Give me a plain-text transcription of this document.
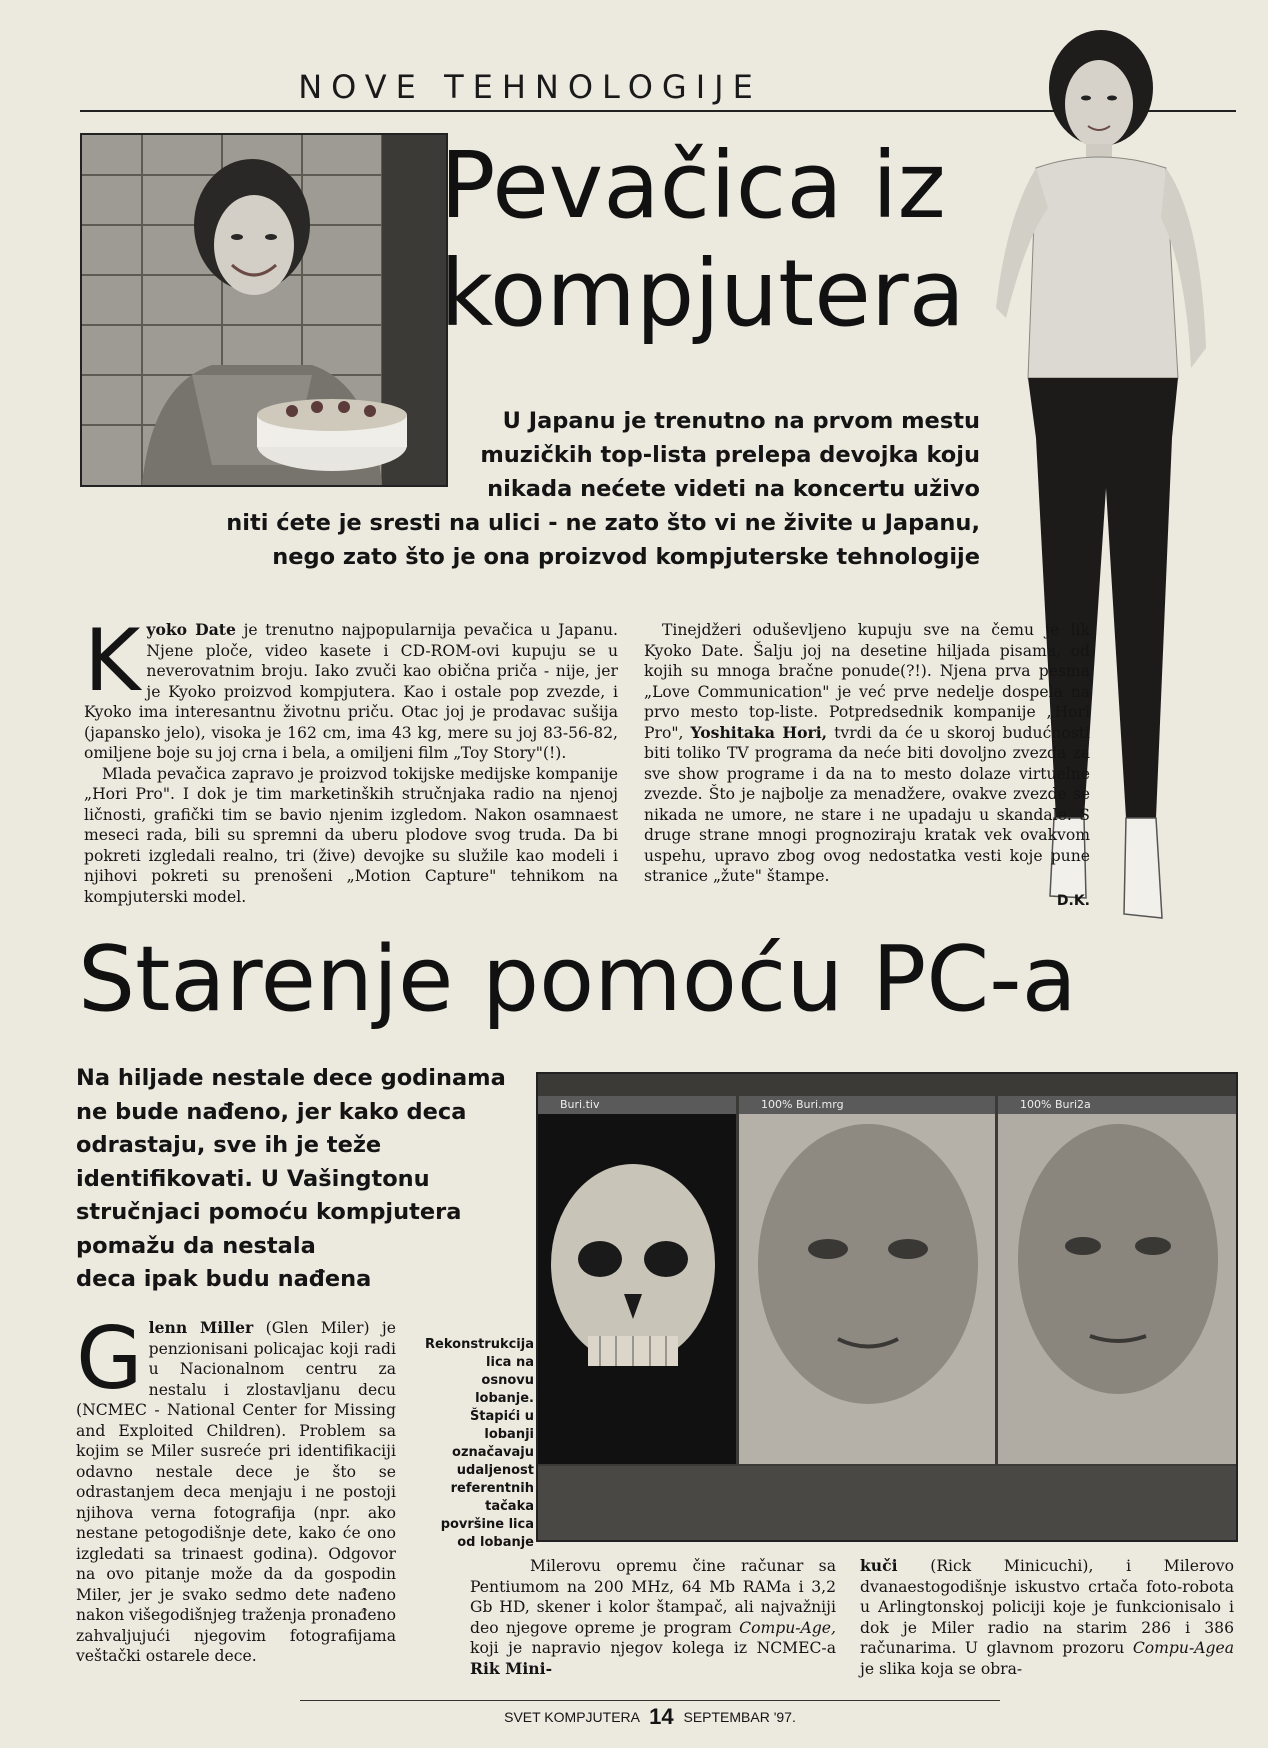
NOVE TEHNOLOGIJE
Pevačica iz kompjutera
U Japanu je trenutno na prvom mestu
muzičkih top-lista prelepa devojka koju
nikada nećete videti na koncertu uživo
niti ćete je sresti na ulici - ne zato što vi ne živite u Japanu,
nego zato što je ona proizvod kompjuterske tehnologije

Kyoko Date je trenutno najpopularnija pevačica u Japanu. Njene ploče, video kasete i CD-ROM-ovi kupuju se u neverovatnim broju. Iako zvuči kao obična priča - nije, jer je Kyoko proizvod kompjutera. Kao i ostale pop zvezde, i Kyoko ima interesantnu životnu priču. Otac joj je prodavac sušija (japansko jelo), visoka je 162 cm, ima 43 kg, mere su joj 83-56-82, omiljene boje su joj crna i bela, a omiljeni film „Toy Story"(!).

Mlada pevačica zapravo je proizvod tokijske medijske kompanije „Hori Pro". I dok je tim marketinških stručnjaka radio na njenoj ličnosti, grafički tim se bavio njenim izgledom. Nakon osamnaest meseci rada, bili su spremni da uberu plodove svog truda. Da bi pokreti izgledali realno, tri (žive) devojke su služile kao modeli i njihovi pokreti su prenošeni „Motion Capture" tehnikom na kompjuterski model.

Tinejdžeri oduševljeno kupuju sve na čemu je lik Kyoko Date. Šalju joj na desetine hiljada pisama, od kojih su mnoga bračne ponude(?!). Njena prva pesma „Love Communication" je već prve nedelje dospela na prvo mesto top-liste. Potpredsednik kompanije „Hori Pro", Yoshitaka Hori, tvrdi da će u skoroj budućnosti biti toliko TV programa da neće biti dovoljno zvezda za sve show programe i da na to mesto dolaze virtuelne zvezde. Što je najbolje za menadžere, ovakve zvezde se nikada ne umore, ne stare i ne upadaju u skandale. S druge strane mnogi prognoziraju kratak vek ovakvom uspehu, upravo zbog ovog nedostatka vesti koje pune stranice „žute" štampe.

D.K.
Starenje pomoću PC-a
Na hiljade nestale dece godinama
ne bude nađeno, jer kako deca
odrastaju, sve ih je teže
identifikovati. U Vašingtonu
stručnjaci pomoću kompjutera
pomažu da nestala
deca ipak budu nađena
Buri.tiv	100% Buri.mrg	100% Buri2a

Glenn Miller (Glen Miler) je penzionisani policajac koji radi u Nacionalnom centru za nestalu i zlostavljanu decu (NCMEC - National Center for Missing and Exploited Children). Problem sa kojim se Miler susreće pri identifikaciji odavno nestale dece je što se odrastanjem deca menjaju i ne postoji njihova verna fotografija (npr. ako nestane petogodišnje dete, kako će ono izgledati sa trinaest godina). Odgovor na ovo pitanje može da da gospodin Miler, jer je svako sedmo dete nađeno nakon višegodišnjeg traženja pronađeno zahvaljujući njegovim fotografijama veštački ostarele dece.

Rekonstrukcija
lica na
osnovu
lobanje.
Štapići u
lobanji
označavaju
udaljenost
referentnih
tačaka
površine lica
od lobanje

Milerovu opremu čine računar sa Pentiumom na 200 MHz, 64 Mb RAMa i 3,2 Gb HD, skener i kolor štampač, ali najvažniji deo njegove opreme je program Compu-Age, koji je napravio njegov kolega iz NCMEC-a Rik Mini-

kuči (Rick Minicuchi), i Milerovo dvanaestogodišnje iskustvo crtača foto-robota u Arlingtonskoj policiji koje je funkcionisalo i dok je Miler radio na starim 286 i 386 računarima. U glavnom prozoru Compu-Agea je slika koja se obra-

SVET KOMPJUTERA 14 SEPTEMBAR '97.
